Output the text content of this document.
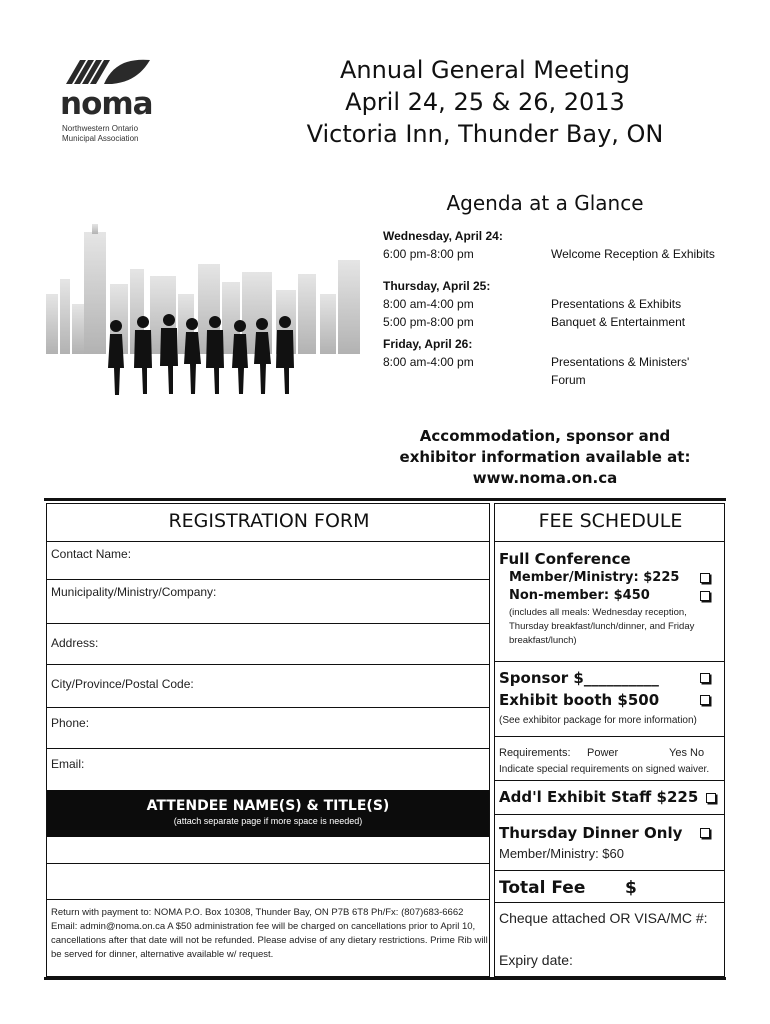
noma
Northwestern Ontario
Municipal Association
Annual General Meeting
April 24, 25 & 26, 2013
Victoria Inn, Thunder Bay, ON
Agenda at a Glance
Wednesday, April 24:
6:00 pm-8:00 pm	Welcome Reception & Exhibits
Thursday, April 25:
8:00 am-4:00 pm	Presentations & Exhibits
5:00 pm-8:00 pm	Banquet & Entertainment
Friday, April 26:
8:00 am-4:00 pm	Presentations & Ministers' Forum
Accommodation, sponsor and
exhibitor information available at:
www.noma.on.ca
REGISTRATION FORM
Contact Name:
Municipality/Ministry/Company:
Address:
City/Province/Postal Code:
Phone:
Email:
ATTENDEE NAME(S) & TITLE(S)
(attach separate page if more space is needed)
Return with payment to: NOMA P.O. Box 10308, Thunder Bay, ON P7B 6T8 Ph/Fx: (807)683-6662 Email: admin@noma.on.ca A $50 administration fee will be charged on cancellations prior to April 10, cancellations after that date will not be refunded. Please advise of any dietary restrictions. Prime Rib will be served for dinner, alternative available w/ request.
FEE SCHEDULE
Full Conference
Member/Ministry: $225
Non-member: $450
(includes all meals: Wednesday reception, Thursday breakfast/lunch/dinner, and Friday breakfast/lunch)
Sponsor $__________
Exhibit booth $500
(See exhibitor package for more information)
Requirements: Power	Yes No
Indicate special requirements on signed waiver.
Add'l Exhibit Staff $225
Thursday Dinner Only
Member/Ministry: $60
Total Fee $
Cheque attached OR VISA/MC #:
Expiry date:
